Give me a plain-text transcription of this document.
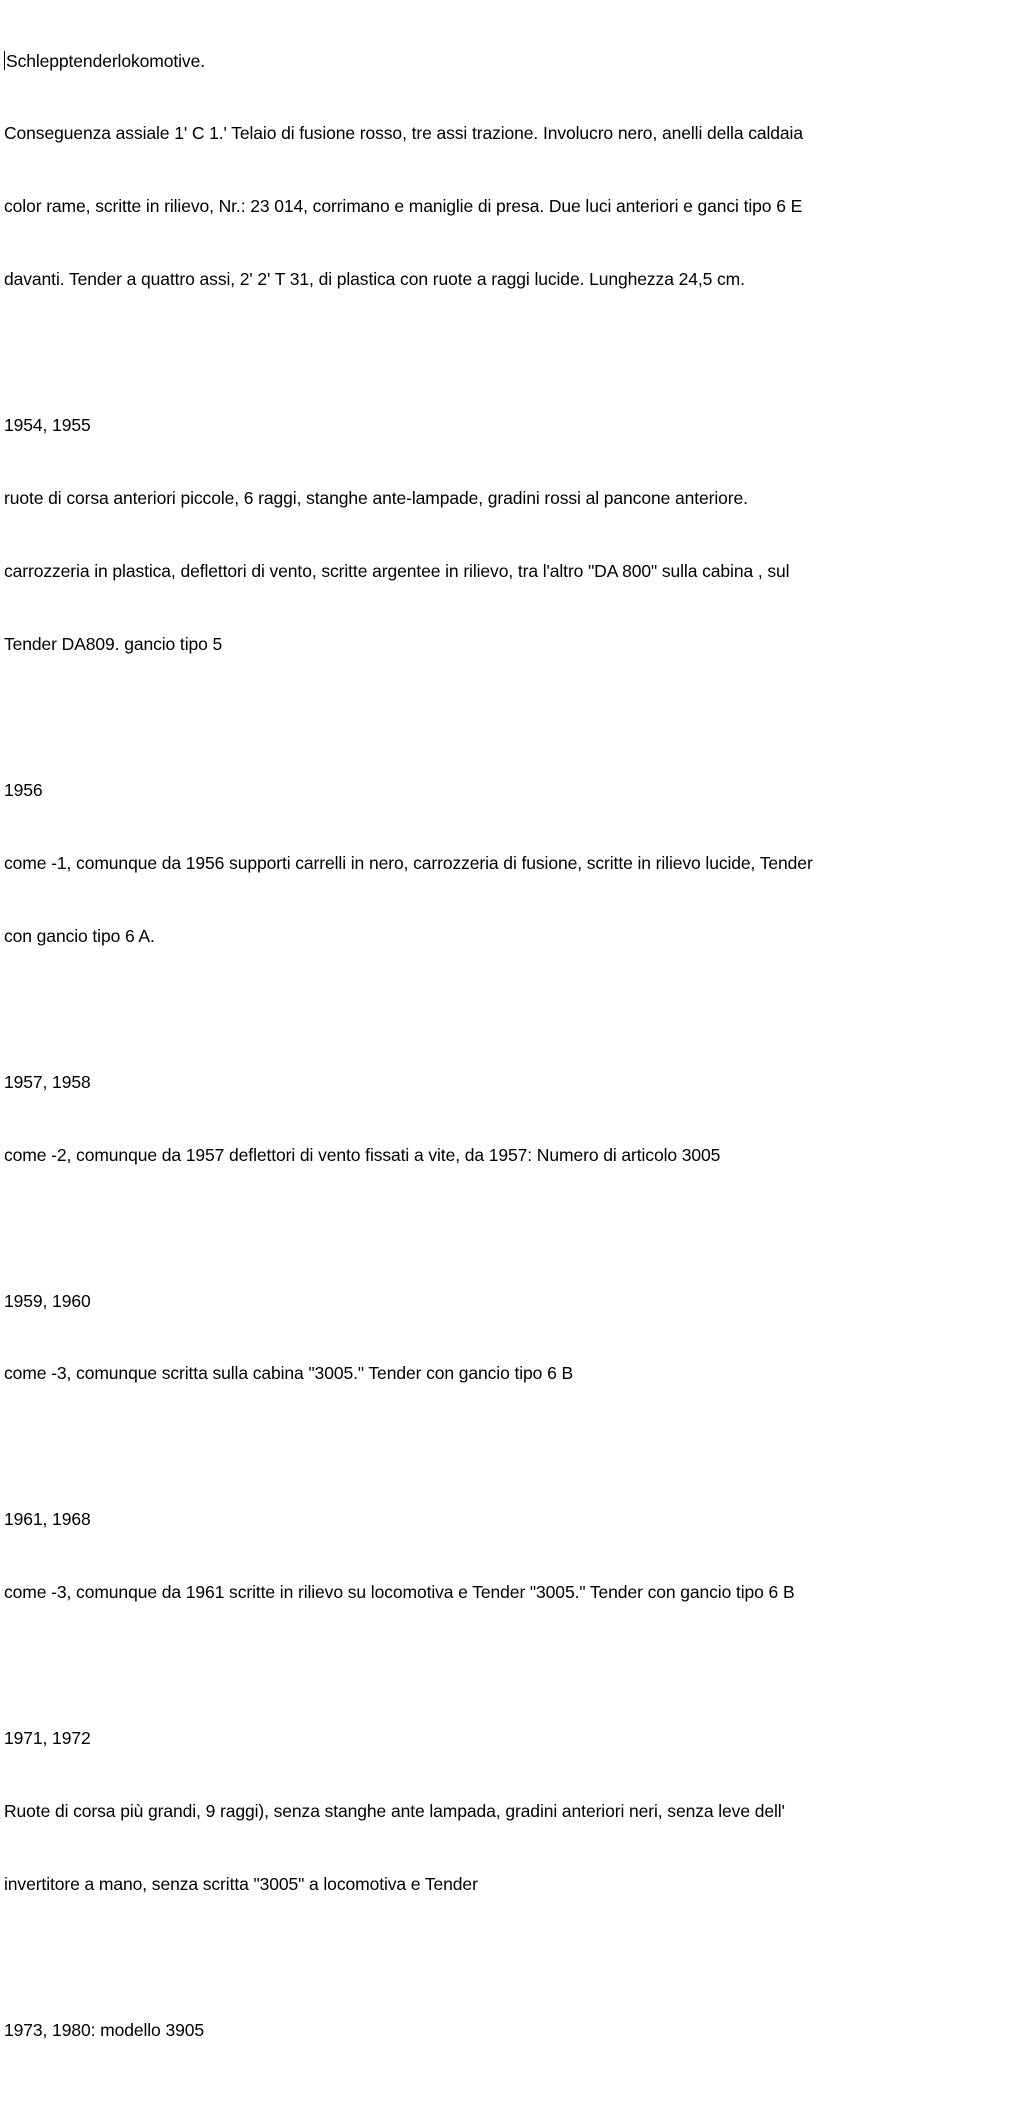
Schlepptenderlokomotive.

Conseguenza assiale 1' C 1.' Telaio di fusione rosso, tre assi trazione. Involucro nero, anelli della caldaia

color rame, scritte in rilievo, Nr.: 23 014, corrimano e maniglie di presa. Due luci anteriori e ganci tipo 6 E

davanti. Tender a quattro assi, 2' 2' T 31, di plastica con ruote a raggi lucide. Lunghezza 24,5 cm.

1954, 1955

ruote di corsa anteriori piccole, 6 raggi, stanghe ante-lampade, gradini rossi al pancone anteriore.

carrozzeria in plastica, deflettori di vento, scritte argentee in rilievo, tra l'altro "DA 800" sulla cabina , sul

Tender DA809. gancio tipo 5

1956

come -1, comunque da 1956 supporti carrelli in nero, carrozzeria di fusione, scritte in rilievo lucide, Tender

con gancio tipo 6 A.

1957, 1958

come -2, comunque da 1957 deflettori di vento fissati a vite, da 1957: Numero di articolo 3005

1959, 1960

come -3, comunque scritta sulla cabina "3005." Tender con gancio tipo 6 B

1961, 1968

come -3, comunque da 1961 scritte in rilievo su locomotiva e Tender "3005." Tender con gancio tipo 6 B

1971, 1972

Ruote di corsa più grandi, 9 raggi), senza stanghe ante lampada, gradini anteriori neri, senza leve dell'

invertitore a mano, senza scritta "3005" a locomotiva e Tender

1973, 1980: modello 3905
